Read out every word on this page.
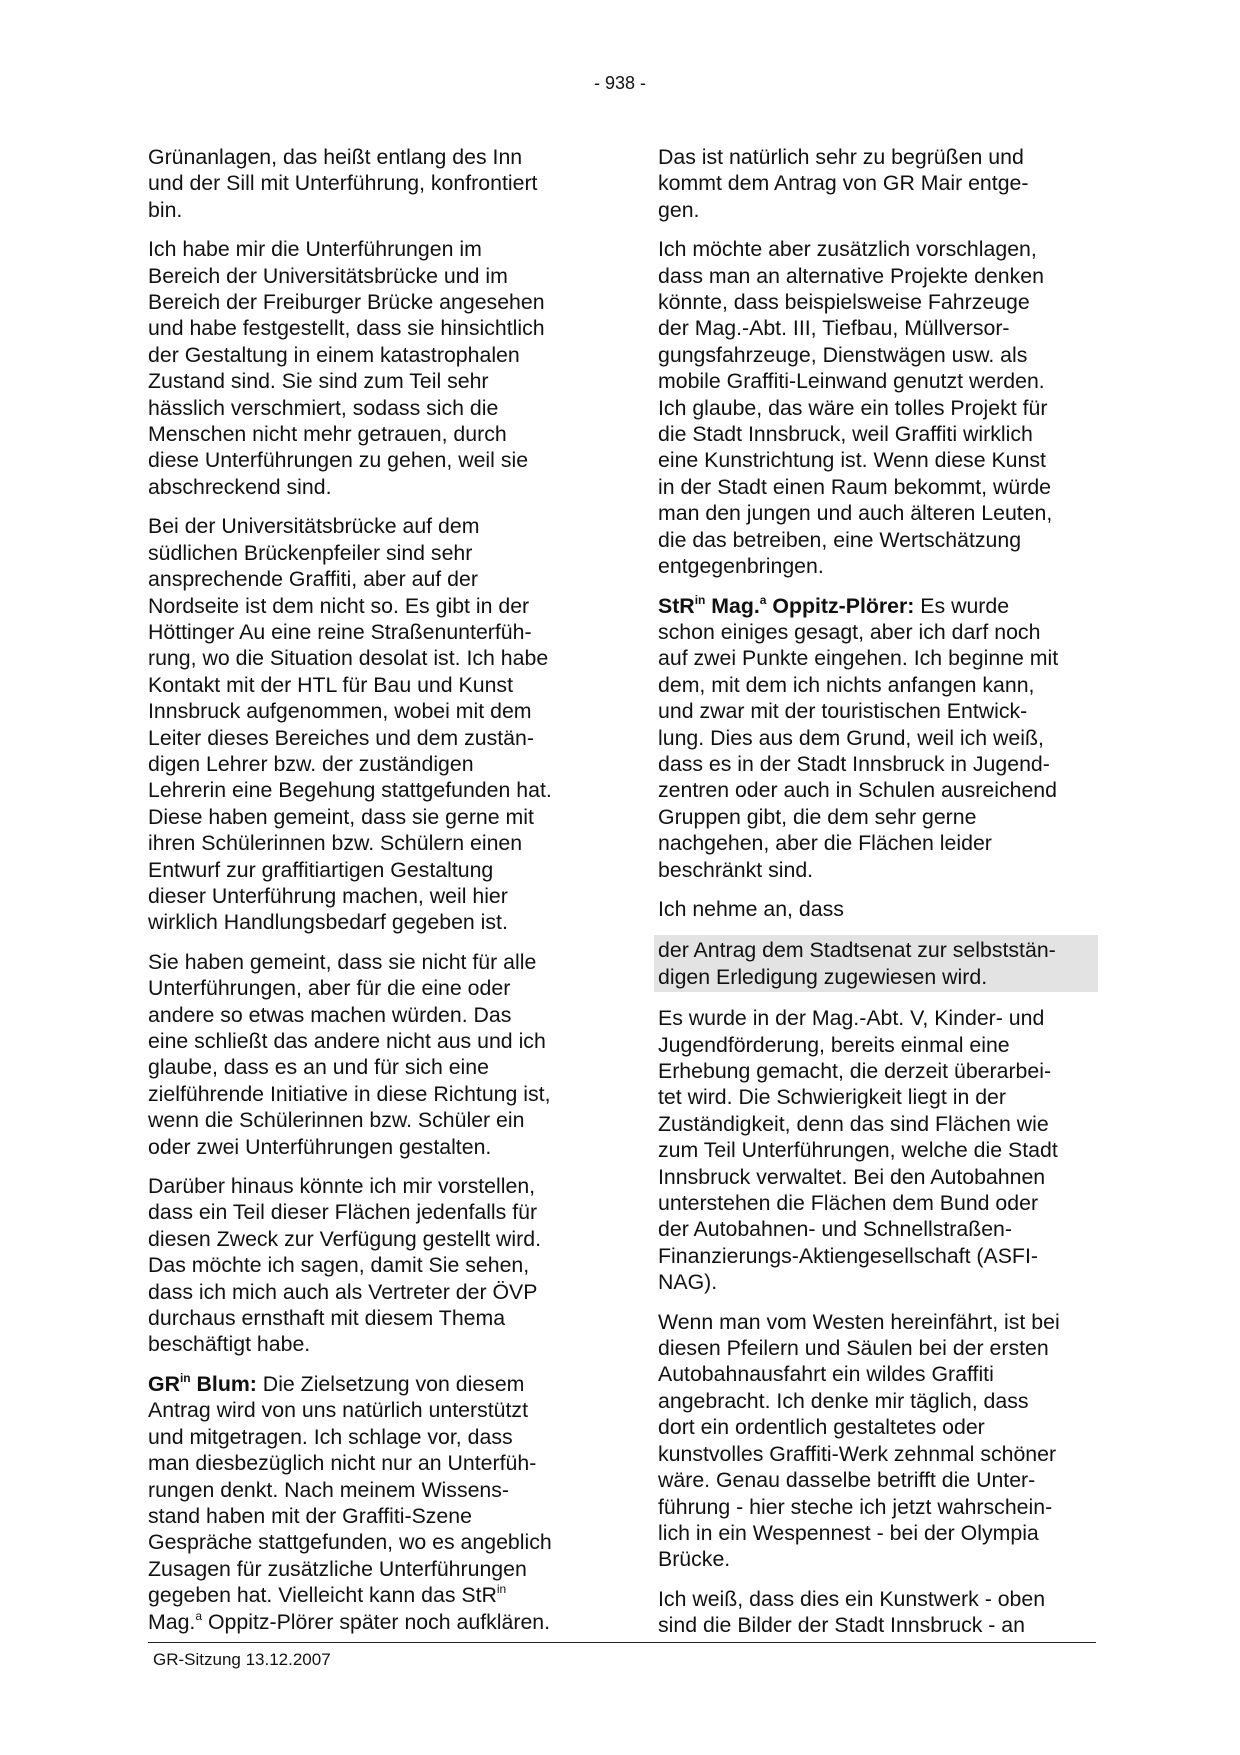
- 938 -

Grünanlagen, das heißt entlang des Inn
und der Sill mit Unterführung, konfrontiert
bin.

Ich habe mir die Unterführungen im
Bereich der Universitätsbrücke und im
Bereich der Freiburger Brücke angesehen
und habe festgestellt, dass sie hinsichtlich
der Gestaltung in einem katastrophalen
Zustand sind. Sie sind zum Teil sehr
hässlich verschmiert, sodass sich die
Menschen nicht mehr getrauen, durch
diese Unterführungen zu gehen, weil sie
abschreckend sind.

Bei der Universitätsbrücke auf dem
südlichen Brückenpfeiler sind sehr
ansprechende Graffiti, aber auf der
Nordseite ist dem nicht so. Es gibt in der
Höttinger Au eine reine Straßenunterfüh-
rung, wo die Situation desolat ist. Ich habe
Kontakt mit der HTL für Bau und Kunst
Innsbruck aufgenommen, wobei mit dem
Leiter dieses Bereiches und dem zustän-
digen Lehrer bzw. der zuständigen
Lehrerin eine Begehung stattgefunden hat.
Diese haben gemeint, dass sie gerne mit
ihren Schülerinnen bzw. Schülern einen
Entwurf zur graffitiartigen Gestaltung
dieser Unterführung machen, weil hier
wirklich Handlungsbedarf gegeben ist.

Sie haben gemeint, dass sie nicht für alle
Unterführungen, aber für die eine oder
andere so etwas machen würden. Das
eine schließt das andere nicht aus und ich
glaube, dass es an und für sich eine
zielführende Initiative in diese Richtung ist,
wenn die Schülerinnen bzw. Schüler ein
oder zwei Unterführungen gestalten.

Darüber hinaus könnte ich mir vorstellen,
dass ein Teil dieser Flächen jedenfalls für
diesen Zweck zur Verfügung gestellt wird.
Das möchte ich sagen, damit Sie sehen,
dass ich mich auch als Vertreter der ÖVP
durchaus ernsthaft mit diesem Thema
beschäftigt habe.

$GR^{in}$ Blum: Die Zielsetzung von diesem
Antrag wird von uns natürlich unterstützt
und mitgetragen. Ich schlage vor, dass
man diesbezüglich nicht nur an Unterfüh-
rungen denkt. Nach meinem Wissens-
stand haben mit der Graffiti-Szene
Gespräche stattgefunden, wo es angeblich
Zusagen für zusätzliche Unterführungen
gegeben hat. Vielleicht kann das StR$^{in}$
Mag.$^a$ Oppitz-Plörer später noch aufklären.

Das ist natürlich sehr zu begrüßen und
kommt dem Antrag von GR Mair entge-
gen.

Ich möchte aber zusätzlich vorschlagen,
dass man an alternative Projekte denken
könnte, dass beispielsweise Fahrzeuge
der Mag.-Abt. III, Tiefbau, Müllversor-
gungsfahrzeuge, Dienstwägen usw. als
mobile Graffiti-Leinwand genutzt werden.
Ich glaube, das wäre ein tolles Projekt für
die Stadt Innsbruck, weil Graffiti wirklich
eine Kunstrichtung ist. Wenn diese Kunst
in der Stadt einen Raum bekommt, würde
man den jungen und auch älteren Leuten,
die das betreiben, eine Wertschätzung
entgegenbringen.

StR$^{in}$ Mag.$^a$ Oppitz-Plörer: Es wurde
schon einiges gesagt, aber ich darf noch
auf zwei Punkte eingehen. Ich beginne mit
dem, mit dem ich nichts anfangen kann,
und zwar mit der touristischen Entwick-
lung. Dies aus dem Grund, weil ich weiß,
dass es in der Stadt Innsbruck in Jugend-
zentren oder auch in Schulen ausreichend
Gruppen gibt, die dem sehr gerne
nachgehen, aber die Flächen leider
beschränkt sind.

Ich nehme an, dass

der Antrag dem Stadtsenat zur selbststän-
digen Erledigung zugewiesen wird.

Es wurde in der Mag.-Abt. V, Kinder- und
Jugendförderung, bereits einmal eine
Erhebung gemacht, die derzeit überarbei-
tet wird. Die Schwierigkeit liegt in der
Zuständigkeit, denn das sind Flächen wie
zum Teil Unterführungen, welche die Stadt
Innsbruck verwaltet. Bei den Autobahnen
unterstehen die Flächen dem Bund oder
der Autobahnen- und Schnellstraßen-
Finanzierungs-Aktiengesellschaft (ASFI-
NAG).

Wenn man vom Westen hereinfährt, ist bei
diesen Pfeilern und Säulen bei der ersten
Autobahnausfahrt ein wildes Graffiti
angebracht. Ich denke mir täglich, dass
dort ein ordentlich gestaltetes oder
kunstvolles Graffiti-Werk zehnmal schöner
wäre. Genau dasselbe betrifft die Unter-
führung - hier steche ich jetzt wahrschein-
lich in ein Wespennest - bei der Olympia
Brücke.

Ich weiß, dass dies ein Kunstwerk - oben
sind die Bilder der Stadt Innsbruck - an

GR-Sitzung 13.12.2007
